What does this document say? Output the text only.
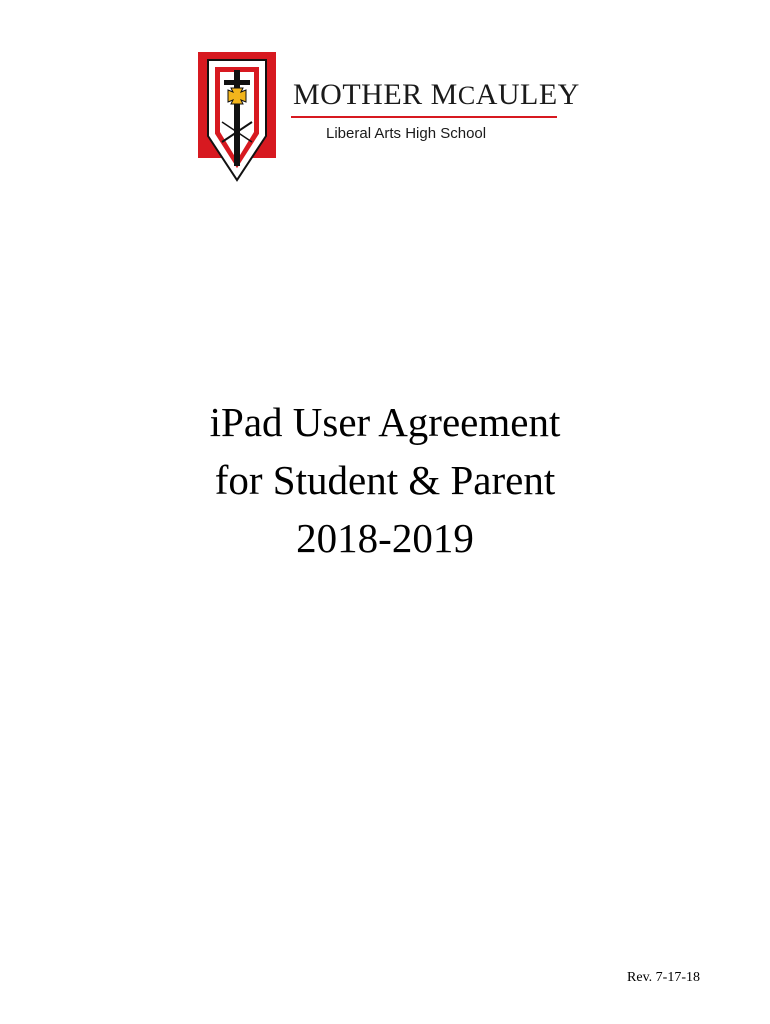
MOTHER MCAULEY
Liberal Arts High School

iPad User Agreement

for Student & Parent

2018-2019

Rev. 7-17-18
